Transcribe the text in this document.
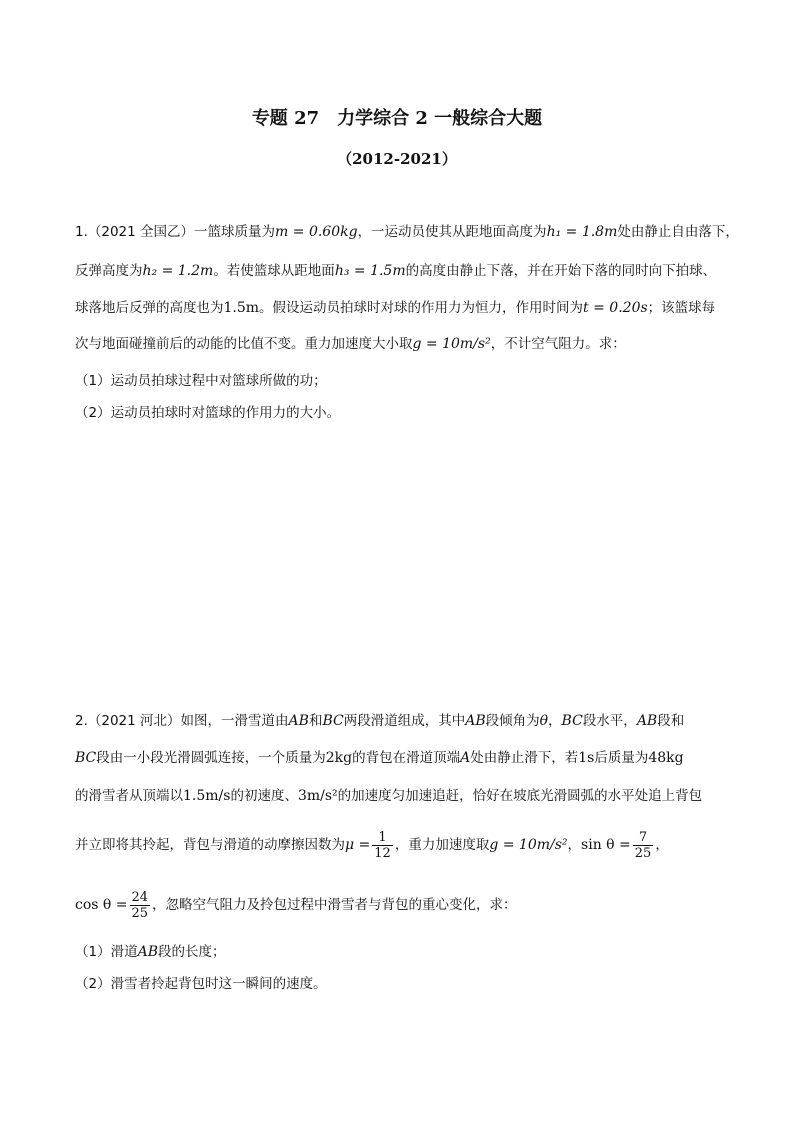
专题 27　力学综合 2 一般综合大题
（2012-2021）
1.（2021 全国乙）一篮球质量为m = 0.60kg，一运动员使其从距地面高度为h₁ = 1.8m处由静止自由落下，
反弹高度为h₂ = 1.2m。若使篮球从距地面h₃ = 1.5m的高度由静止下落，并在开始下落的同时向下拍球、
球落地后反弹的高度也为1.5m。假设运动员拍球时对球的作用力为恒力，作用时间为t = 0.20s；该篮球每
次与地面碰撞前后的动能的比值不变。重力加速度大小取g = 10m/s²，不计空气阻力。求：
（1）运动员拍球过程中对篮球所做的功；
（2）运动员拍球时对篮球的作用力的大小。
2.（2021 河北）如图，一滑雪道由AB和BC两段滑道组成，其中AB段倾角为θ，BC段水平，AB段和
BC段由一小段光滑圆弧连接，一个质量为2kg的背包在滑道顶端A处由静止滑下，若1s后质量为48kg
的滑雪者从顶端以1.5m/s的初速度、3m/s²的加速度匀加速追赶，恰好在坡底光滑圆弧的水平处追上背包
并立即将其拎起，背包与滑道的动摩擦因数为$\mu = \frac{1}{12}$ ，重力加速度取g = 10m/s²，$\sin \theta = \frac{7}{25}$ ，
$\cos \theta = \frac{24}{25}$ ，忽略空气阻力及拎包过程中滑雪者与背包的重心变化，求：
（1）滑道AB段的长度；
（2）滑雪者拎起背包时这一瞬间的速度。
